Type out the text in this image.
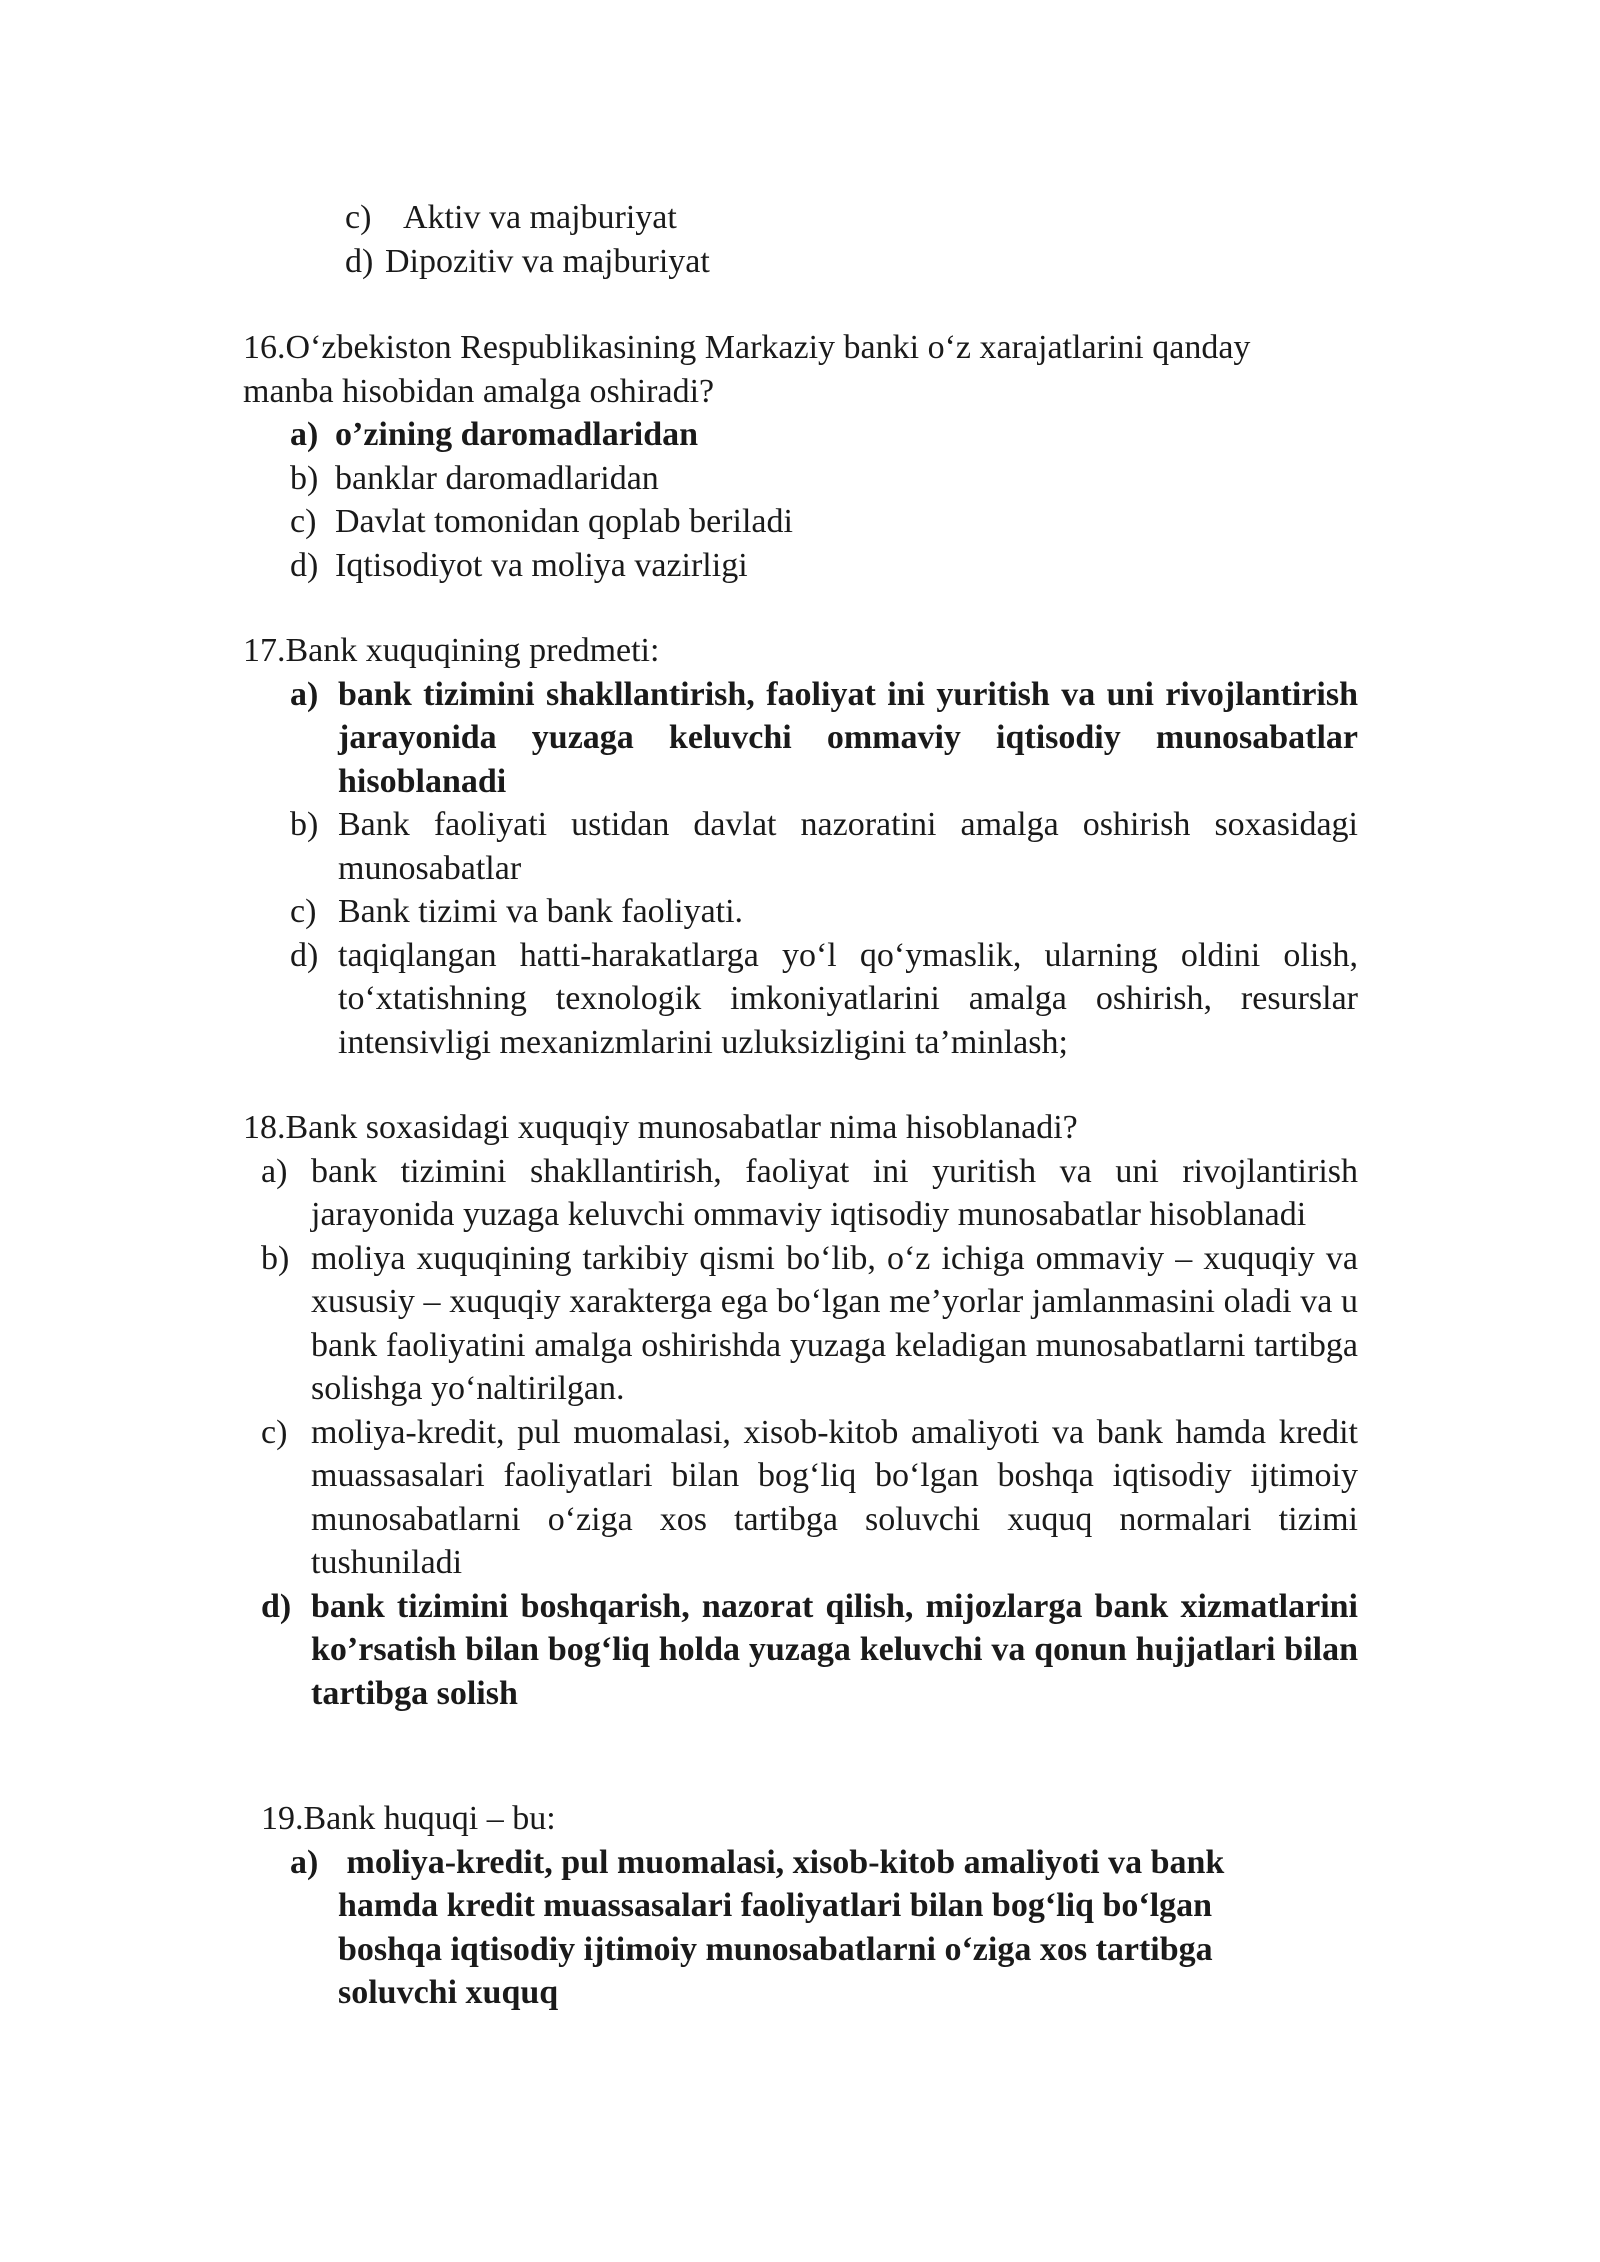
c) Aktiv va majburiyat
d) Dipozitiv va majburiyat
16.O‘zbekiston Respublikasining Markaziy banki o‘z xarajatlarini qanday manba hisobidan amalga oshiradi?
a) o’zining daromadlaridan
b) banklar daromadlaridan
c) Davlat tomonidan qoplab beriladi
d) Iqtisodiyot va moliya vazirligi
17.Bank xuquqining predmeti:
a) bank tizimini shakllantirish, faoliyat ini yuritish va uni rivojlantirish jarayonida yuzaga keluvchi ommaviy iqtisodiy munosabatlar hisoblanadi
b) Bank faoliyati ustidan davlat nazoratini amalga oshirish soxasidagi munosabatlar
c) Bank tizimi va bank faoliyati.
d) taqiqlangan hatti-harakatlarga yo‘l qo‘ymaslik, ularning oldini olish, to‘xtatishning texnologik imkoniyatlarini amalga oshirish, resurslar intensivligi mexanizmlarini uzluksizligini ta’minlash;
18.Bank soxasidagi xuquqiy munosabatlar nima hisoblanadi?
a) bank tizimini shakllantirish, faoliyat ini yuritish va uni rivojlantirish jarayonida yuzaga keluvchi ommaviy iqtisodiy munosabatlar hisoblanadi
b) moliya xuquqining tarkibiy qismi bo‘lib, o‘z ichiga ommaviy – xuquqiy va xususiy – xuquqiy xarakterga ega bo‘lgan me’yorlar jamlanmasini oladi va u bank faoliyatini amalga oshirishda yuzaga keladigan munosabatlarni tartibga solishga yo‘naltirilgan.
c) moliya-kredit, pul muomalasi, xisob-kitob amaliyoti va bank hamda kredit muassasalari faoliyatlari bilan bog‘liq bo‘lgan boshqa iqtisodiy ijtimoiy munosabatlarni o‘ziga xos tartibga soluvchi xuquq normalari tizimi tushuniladi
d) bank tizimini boshqarish, nazorat qilish, mijozlarga bank xizmatlarini ko’rsatish bilan bog‘liq holda yuzaga keluvchi va qonun hujjatlari bilan tartibga solish
19.Bank huquqi – bu:
a) moliya-kredit, pul muomalasi, xisob-kitob amaliyoti va bank hamda kredit muassasalari faoliyatlari bilan bog‘liq bo‘lgan boshqa iqtisodiy ijtimoiy munosabatlarni o‘ziga xos tartibga soluvchi xuquq
